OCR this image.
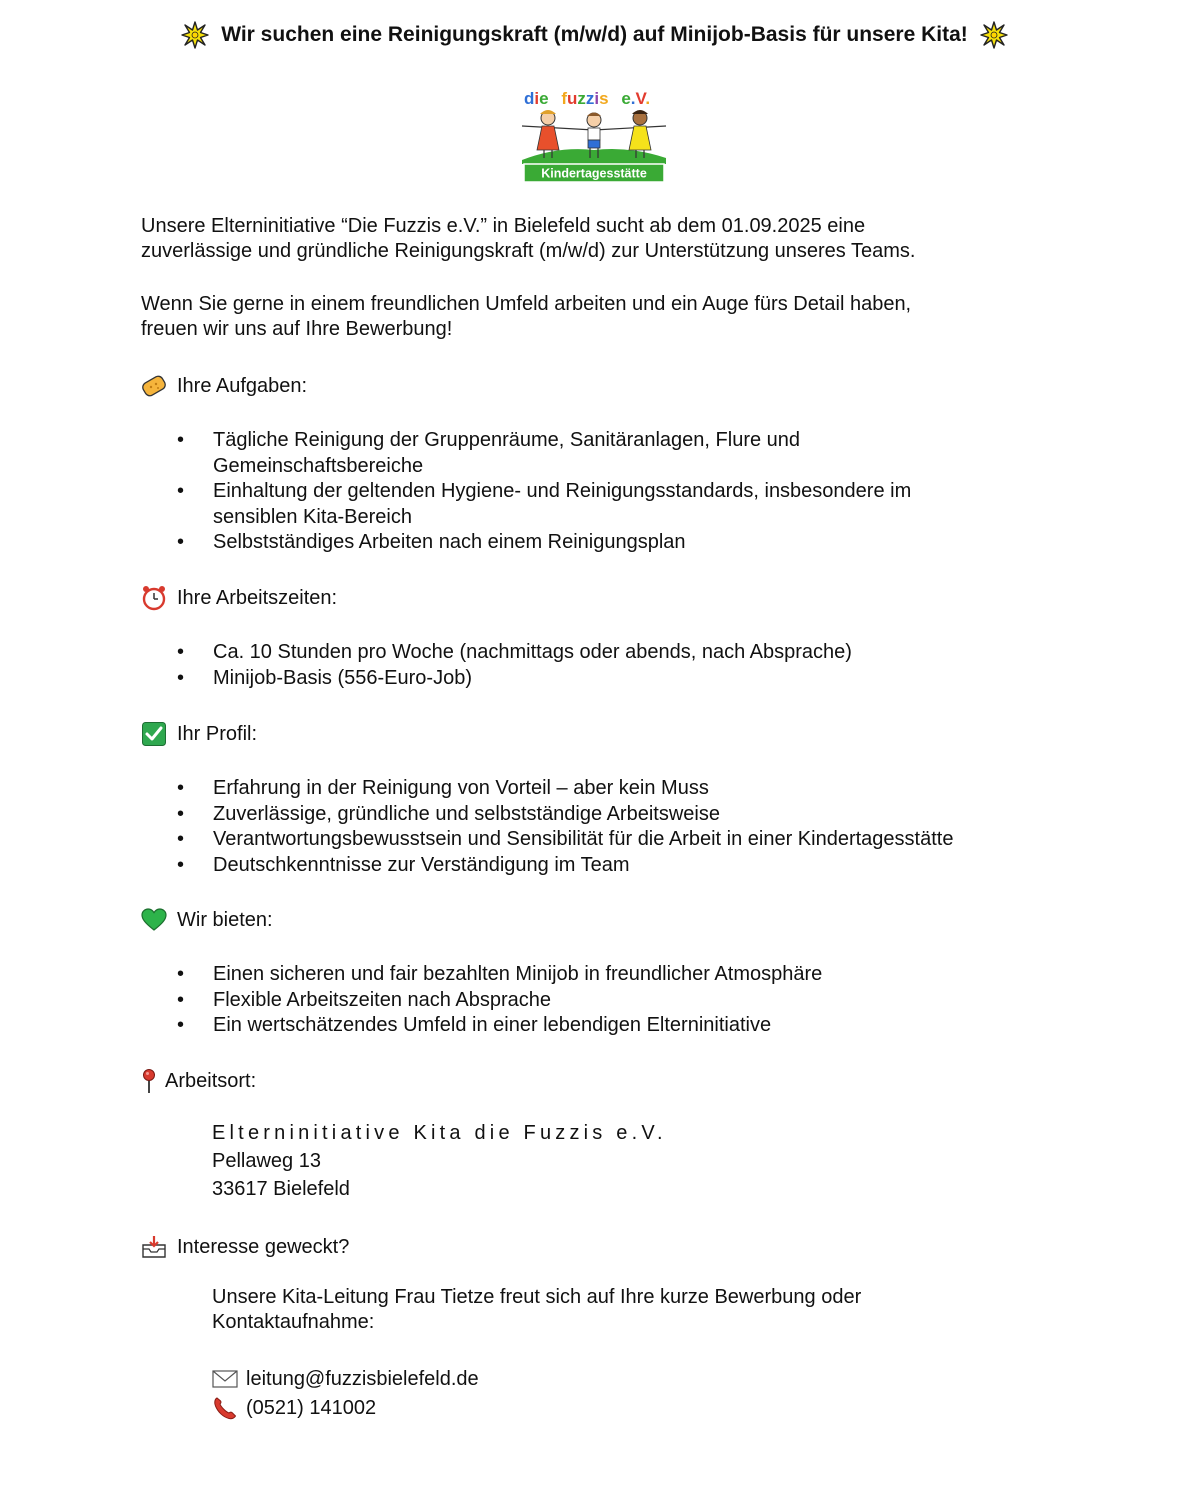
Wir suchen eine Reinigungskraft (m/w/d) auf Minijob-Basis für unsere Kita!
die fuzzis e.V.
Kindertagesstätte

Unsere Elterninitiative “Die Fuzzis e.V.” in Bielefeld sucht ab dem 01.09.2025 eine
zuverlässige und gründliche Reinigungskraft (m/w/d) zur Unterstützung unseres Teams.

Wenn Sie gerne in einem freundlichen Umfeld arbeiten und ein Auge fürs Detail haben,
freuen wir uns auf Ihre Bewerbung!

Ihre Aufgaben:
• Tägliche Reinigung der Gruppenräume, Sanitäranlagen, Flure und
Gemeinschaftsbereiche
• Einhaltung der geltenden Hygiene- und Reinigungsstandards, insbesondere im
sensiblen Kita-Bereich
• Selbstständiges Arbeiten nach einem Reinigungsplan
Ihre Arbeitszeiten:
• Ca. 10 Stunden pro Woche (nachmittags oder abends, nach Absprache)
• Minijob-Basis (556-Euro-Job)
Ihr Profil:
• Erfahrung in der Reinigung von Vorteil – aber kein Muss
• Zuverlässige, gründliche und selbstständige Arbeitsweise
• Verantwortungsbewusstsein und Sensibilität für die Arbeit in einer Kindertagesstätte
• Deutschkenntnisse zur Verständigung im Team
Wir bieten:
• Einen sicheren und fair bezahlten Minijob in freundlicher Atmosphäre
• Flexible Arbeitszeiten nach Absprache
• Ein wertschätzendes Umfeld in einer lebendigen Elterninitiative
Arbeitsort:
Elterninitiative Kita die Fuzzis e.V.
Pellaweg 13
33617 Bielefeld
Interesse geweckt?

Unsere Kita-Leitung Frau Tietze freut sich auf Ihre kurze Bewerbung oder
Kontaktaufnahme:

leitung@fuzzisbielefeld.de
(0521) 141002
